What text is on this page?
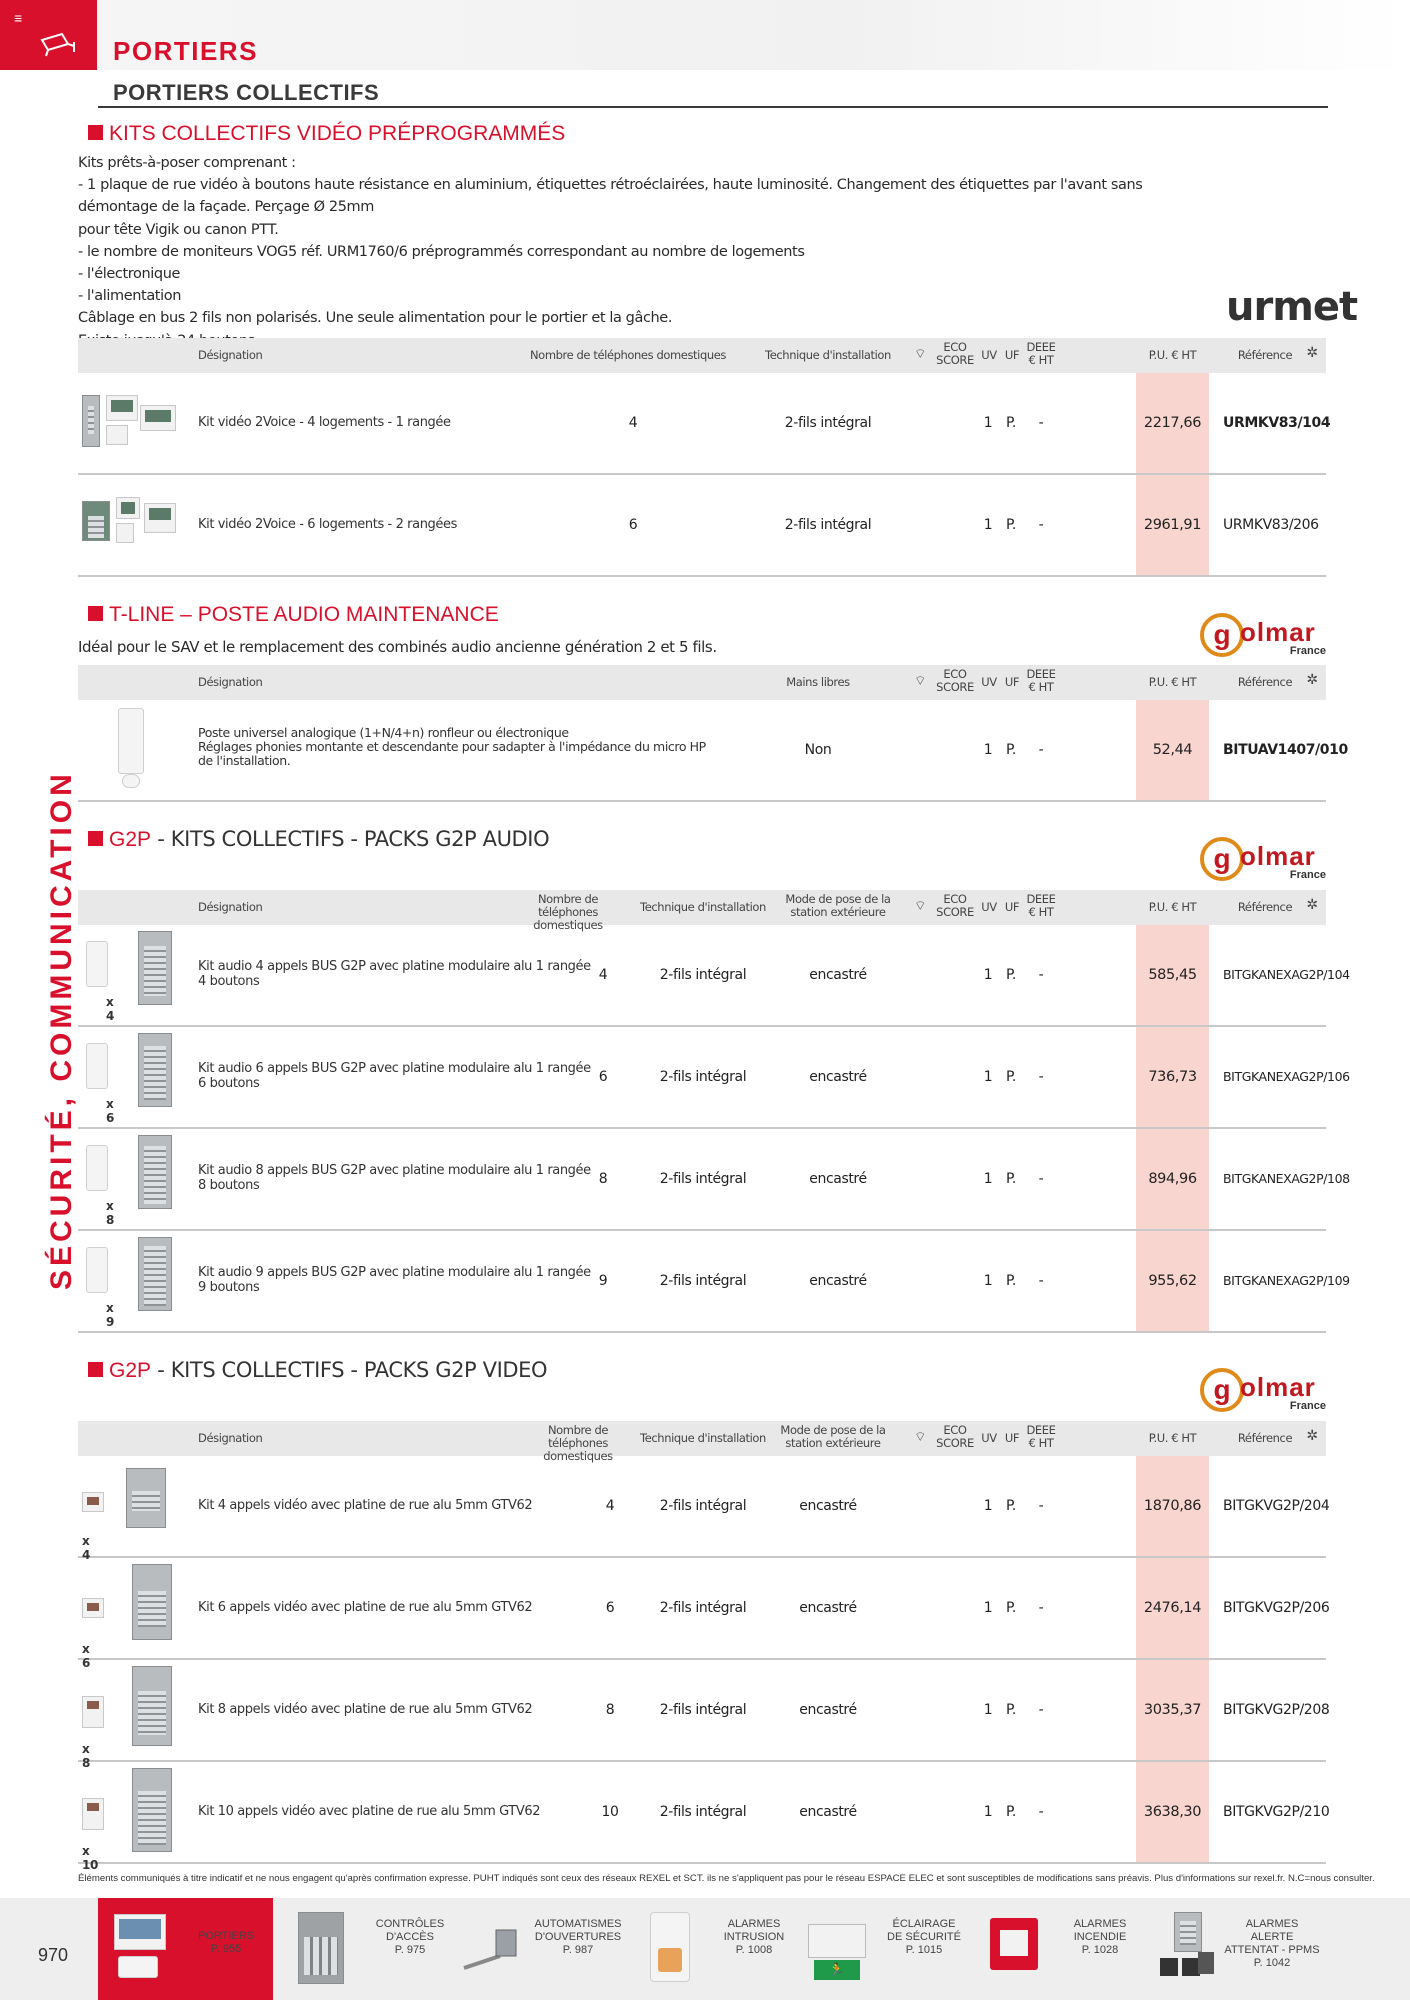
≡
PORTIERS
PORTIERS COLLECTIFS
SÉCURITÉ, COMMUNICATION
KITS COLLECTIFS VIDÉO PRÉPROGRAMMÉS
Kits prêts-à-poser comprenant :
- 1 plaque de rue vidéo à boutons haute résistance en aluminium, étiquettes rétroéclairées, haute luminosité. Changement des étiquettes par l'avant sans démontage de la façade. Perçage Ø 25mm
pour tête Vigik ou canon PTT.
- le nombre de moniteurs VOG5 réf. URM1760/6 préprogrammés correspondant au nombre de logements
- l'électronique
- l'alimentation
Câblage en bus 2 fils non polarisés. Une seule alimentation pour le portier et la gâche.	urmet
Désignation	Nombre de téléphones domestiques	Technique d'installation	⌔	ECO SCORE UV UF
DEEE € HT	P.U. € HT	Référence	✲
Kit vidéo 2Voice - 4 logements - 1 rangée	4	2-fils intégral	1 P.	-	2217,66	URMKV83/104
Kit vidéo 2Voice - 6 logements - 2 rangées	6	2-fils intégral	1 P.	-	2961,91	URMKV83/206
T-LINE – POSTE AUDIO MAINTENANCE
Idéal pour le SAV et le remplacement des combinés audio ancienne génération 2 et 5 fils.	g olmar
France
Désignation	Mains libres	⌔	ECO SCORE UV UF
DEEE € HT	P.U. € HT	Référence	✲
Poste universel analogique (1+N/4+n) ronfleur ou électronique
Réglages phonies montante et descendante pour sadapter à l'impédance du micro HP
de l'installation.
Non	1 P.	-	52,44	BITUAV1407/010
G2P - KITS COLLECTIFS - PACKS G2P AUDIO
g olmar
France
Désignation
Nombre de téléphones domestiques
Technique d'installation
Mode de pose de la station extérieure	⌔	ECO SCORE UV UF
DEEE € HT	P.U. € HT	Référence	✲
x 4
Kit audio 4 appels BUS G2P avec platine modulaire alu 1 rangée
4 boutons	4	2-fils intégral	encastré	1 P.	-	585,45	BITGKANEXAG2P/104
x 6
Kit audio 6 appels BUS G2P avec platine modulaire alu 1 rangée
6 boutons	6	2-fils intégral	encastré	1 P.	-	736,73	BITGKANEXAG2P/106
x 8
Kit audio 8 appels BUS G2P avec platine modulaire alu 1 rangée
8 boutons	8	2-fils intégral	encastré	1 P.	-	894,96	BITGKANEXAG2P/108
x 9
Kit audio 9 appels BUS G2P avec platine modulaire alu 1 rangée
9 boutons	9	2-fils intégral	encastré	1 P.	-	955,62	BITGKANEXAG2P/109
G2P - KITS COLLECTIFS - PACKS G2P VIDEO
g olmar
France
Désignation
Nombre de téléphones domestiques
Technique d'installation
Mode de pose de la station extérieure	⌔	ECO SCORE UV UF
DEEE € HT	P.U. € HT	Référence	✲
x 4
Kit 4 appels vidéo avec platine de rue alu 5mm GTV62	4	2-fils intégral	encastré	1 P.	-	1870,86	BITGKVG2P/204
x 6
Kit 6 appels vidéo avec platine de rue alu 5mm GTV62	6	2-fils intégral	encastré	1 P.	-	2476,14	BITGKVG2P/206
x 8
Kit 8 appels vidéo avec platine de rue alu 5mm GTV62	8	2-fils intégral	encastré	1 P.	-	3035,37	BITGKVG2P/208
x 10
Kit 10 appels vidéo avec platine de rue alu 5mm GTV62	10	2-fils intégral	encastré	1 P.	-	3638,30	BITGKVG2P/210
Éléments communiqués à titre indicatif et ne nous engagent qu'après confirmation expresse. PUHT indiqués sont ceux des réseaux REXEL et SCT. ils ne s'appliquent pas pour le réseau ESPACE ELEC et sont susceptibles de modifications sans préavis. Plus d'informations sur rexel.fr. N.C=nous consulter.
970
PORTIERS
P. 955
CONTRÔLES
D'ACCÈS
P. 975
AUTOMATISMES
D'OUVERTURES
P. 987
ALARMES
INTRUSION
P. 1008
🏃
ÉCLAIRAGE
DE SÉCURITÉ
P. 1015
ALARMES
INCENDIE
P. 1028
ALARMES ALERTE
ATTENTAT - PPMS
P. 1042
